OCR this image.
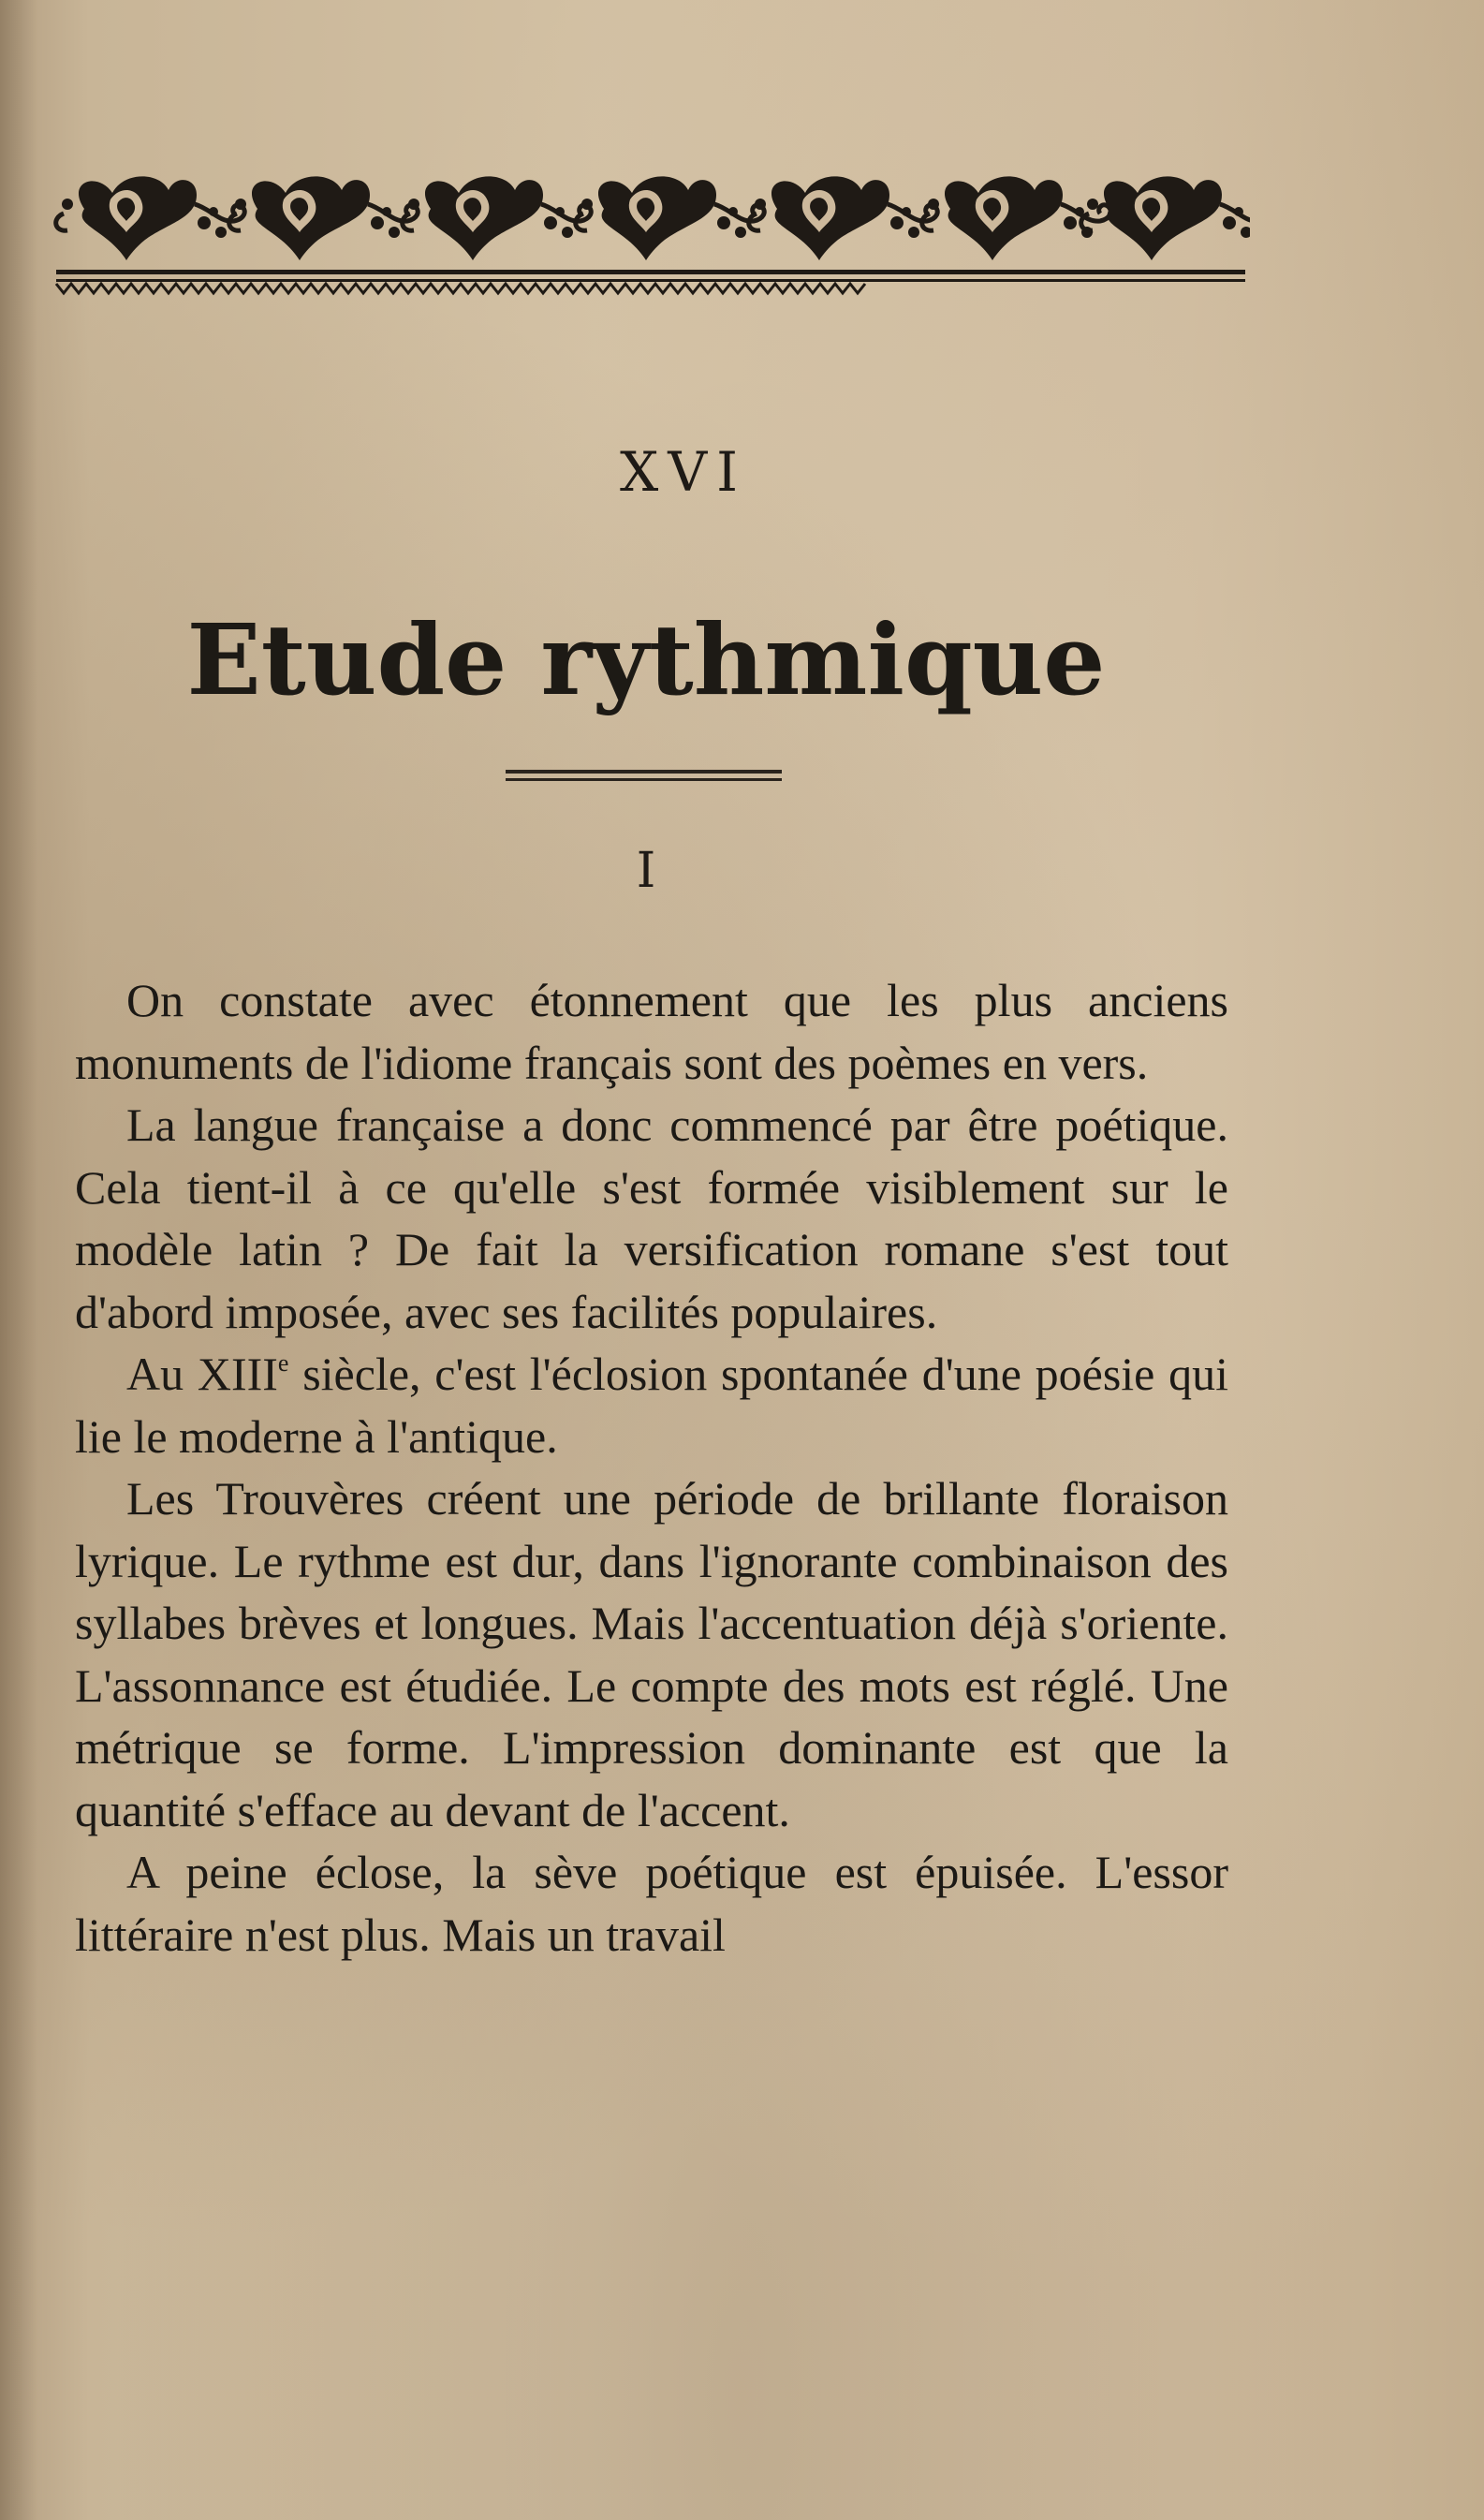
XVI
Etude rythmique
I

On constate avec étonnement que les plus anciens monuments de l'idiome français sont des poèmes en vers.

La langue française a donc commencé par être poétique. Cela tient-il à ce qu'elle s'est formée visiblement sur le modèle latin ? De fait la versification romane s'est tout d'abord imposée, avec ses facilités populaires.

Au XIIIe siècle, c'est l'éclosion spontanée d'une poésie qui lie le moderne à l'antique.

Les Trouvères créent une période de brillante floraison lyrique. Le rythme est dur, dans l'ignorante combinaison des syllabes brèves et longues. Mais l'accentuation déjà s'oriente. L'assonnance est étudiée. Le compte des mots est réglé. Une métrique se forme. L'impression dominante est que la quantité s'efface au devant de l'accent.

A peine éclose, la sève poétique est épuisée. L'essor littéraire n'est plus. Mais un travail
